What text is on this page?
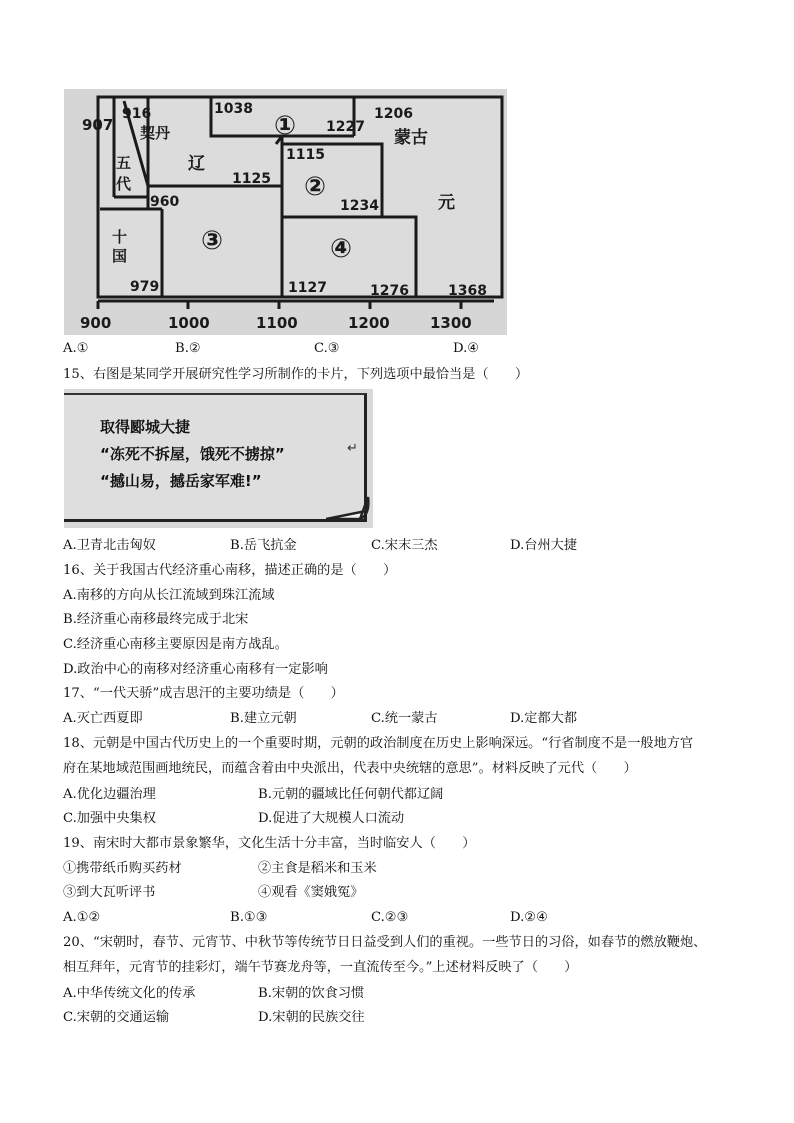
907
916
契丹
1038
① 1227
1206
蒙古
五
代
辽
1125
1115
②
1234	元
960
十
国
979
③	④
1127	1276	1368
900	1000	1100	1200	1300
A.①	B.②	C.③	D.④
15、右图是某同学开展研究性学习所制作的卡片，下列选项中最恰当是（　　）
取得郾城大捷
“冻死不拆屋，饿死不掳掠”	↵
“撼山易，撼岳家军难!”
A.卫青北击匈奴	B.岳飞抗金	C.宋末三杰	D.台州大捷
16、关于我国古代经济重心南移，描述正确的是（　　）
A.南移的方向从长江流域到珠江流域
B.经济重心南移最终完成于北宋
C.经济重心南移主要原因是南方战乱。
D.政治中心的南移对经济重心南移有一定影响
17、“一代天骄”成吉思汗的主要功绩是（　　）
A.灭亡西夏即	B.建立元朝	C.统一蒙古	D.定都大都
18、元朝是中国古代历史上的一个重要时期，元朝的政治制度在历史上影响深远。“行省制度不是一般地方官
府在某地域范围画地统民，而蕴含着由中央派出，代表中央统辖的意思”。材料反映了元代（　　）
A.优化边疆治理	B.元朝的疆域比任何朝代都辽阔
C.加强中央集权	D.促进了大规模人口流动
19、南宋时大都市景象繁华，文化生活十分丰富，当时临安人（　　）
①携带纸币购买药材	②主食是稻米和玉米
③到大瓦听评书	④观看《窦娥冤》
A.①②	B.①③	C.②③	D.②④
20、“宋朝时，春节、元宵节、中秋节等传统节日日益受到人们的重视。一些节日的习俗，如春节的燃放鞭炮、
相互拜年，元宵节的挂彩灯，端午节赛龙舟等，一直流传至今。”上述材料反映了（　　）
A.中华传统文化的传承	B.宋朝的饮食习惯
C.宋朝的交通运输	D.宋朝的民族交往
